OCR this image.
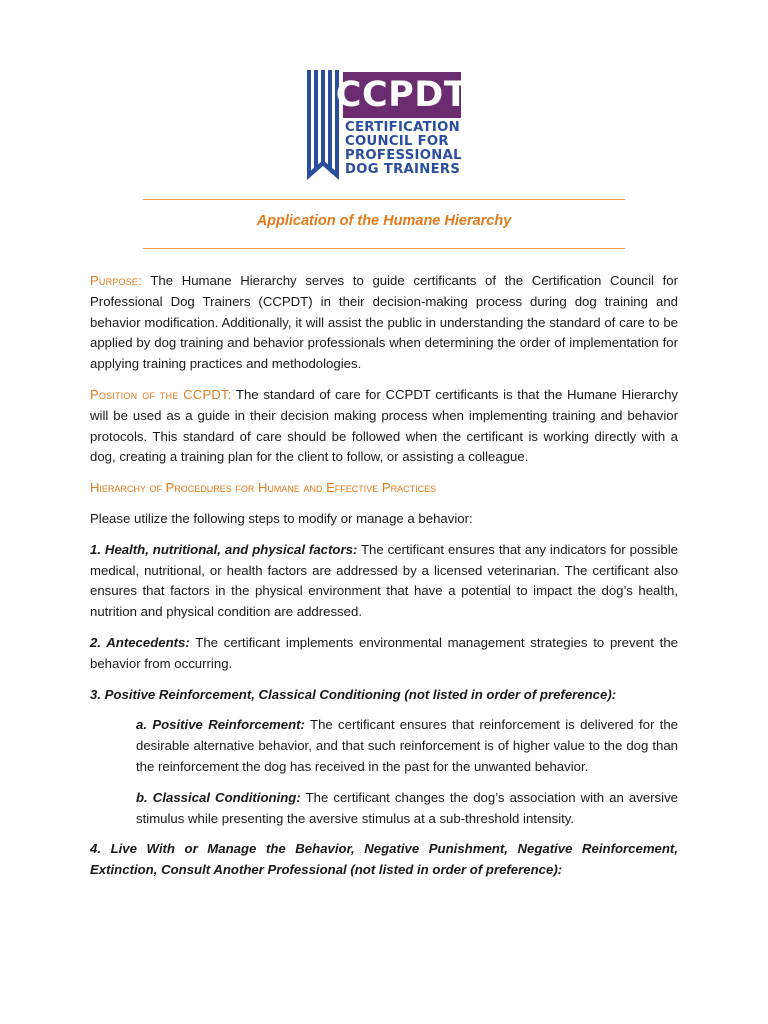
CCPDT
CERTIFICATION
COUNCIL FOR
PROFESSIONAL
DOG TRAINERS
Application of the Humane Hierarchy

Purpose: The Humane Hierarchy serves to guide certificants of the Certification Council for Professional Dog Trainers (CCPDT) in their decision-making process during dog training and behavior modification. Additionally, it will assist the public in understanding the standard of care to be applied by dog training and behavior professionals when determining the order of implementation for applying training practices and methodologies.

Position of the CCPDT: The standard of care for CCPDT certificants is that the Humane Hierarchy will be used as a guide in their decision making process when implementing training and behavior protocols. This standard of care should be followed when the certificant is working directly with a dog, creating a training plan for the client to follow, or assisting a colleague.

Hierarchy of Procedures for Humane and Effective Practices

Please utilize the following steps to modify or manage a behavior:

1. Health, nutritional, and physical factors: The certificant ensures that any indicators for possible medical, nutritional, or health factors are addressed by a licensed veterinarian. The certificant also ensures that factors in the physical environment that have a potential to impact the dog’s health, nutrition and physical condition are addressed.

2. Antecedents: The certificant implements environmental management strategies to prevent the behavior from occurring.

3. Positive Reinforcement, Classical Conditioning (not listed in order of preference):

a. Positive Reinforcement: The certificant ensures that reinforcement is delivered for the desirable alternative behavior, and that such reinforcement is of higher value to the dog than the reinforcement the dog has received in the past for the unwanted behavior.

b. Classical Conditioning: The certificant changes the dog’s association with an aversive stimulus while presenting the aversive stimulus at a sub-threshold intensity.

4. Live With or Manage the Behavior, Negative Punishment, Negative Reinforcement, Extinction, Consult Another Professional (not listed in order of preference):
